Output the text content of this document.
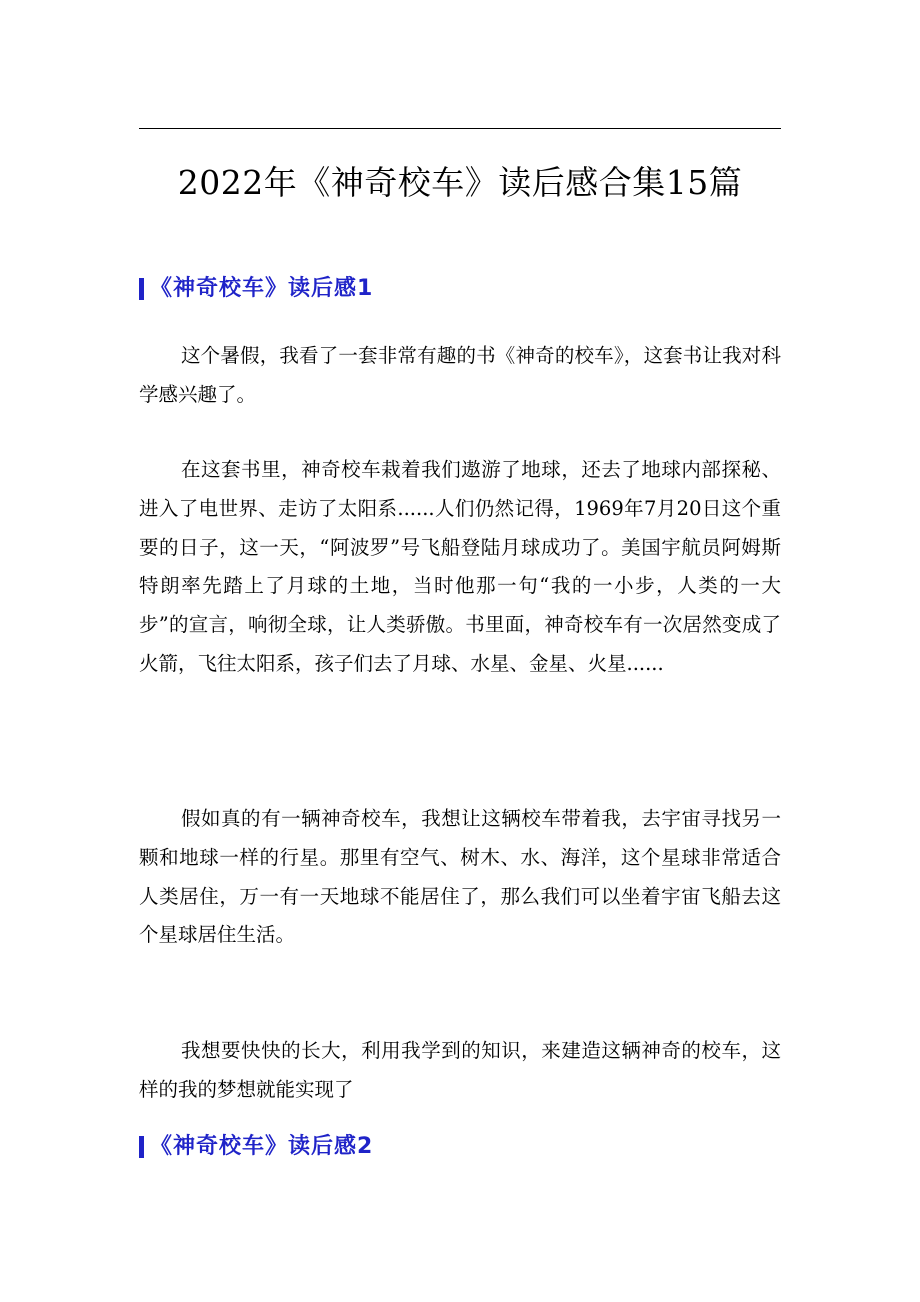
2022年《神奇校车》读后感合集15篇
《神奇校车》读后感1

这个暑假，我看了一套非常有趣的书《神奇的校车》，这套书让我对科学感兴趣了。

在这套书里，神奇校车栽着我们遨游了地球，还去了地球内部探秘、进入了电世界、走访了太阳系......人们仍然记得，1969年7月20日这个重要的日子，这一天，“阿波罗”号飞船登陆月球成功了。美国宇航员阿姆斯特朗率先踏上了月球的土地，当时他那一句“我的一小步，人类的一大步”的宣言，响彻全球，让人类骄傲。书里面，神奇校车有一次居然变成了火箭，飞往太阳系，孩子们去了月球、水星、金星、火星......

假如真的有一辆神奇校车，我想让这辆校车带着我，去宇宙寻找另一颗和地球一样的行星。那里有空气、树木、水、海洋，这个星球非常适合人类居住，万一有一天地球不能居住了，那么我们可以坐着宇宙飞船去这个星球居住生活。

我想要快快的长大，利用我学到的知识，来建造这辆神奇的校车，这样的我的梦想就能实现了

《神奇校车》读后感2
